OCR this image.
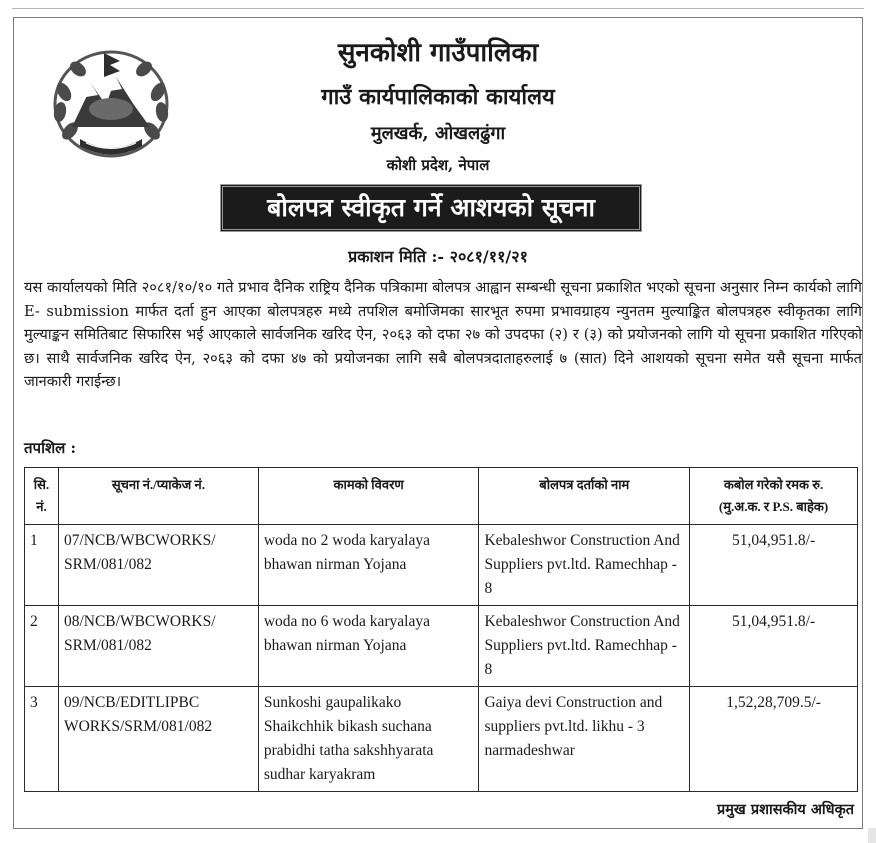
सुनकोशी गाउँपालिका
गाउँ कार्यपालिकाको कार्यालय
मुलखर्क, ओखलढुंगा
कोशी प्रदेश, नेपाल
बोलपत्र स्वीकृत गर्ने आशयको सूचना
प्रकाशन मिति :- २०८१/११/२१
यस कार्यालयको मिति २०८१/१०/१० गते प्रभाव दैनिक राष्ट्रिय दैनिक पत्रिकामा बोलपत्र आह्वान सम्बन्धी सूचना प्रकाशित भएको सूचना अनुसार निम्न कार्यको लागि E- submission मार्फत दर्ता हुन आएका बोलपत्रहरु मध्ये तपशिल बमोजिमका सारभूत रुपमा प्रभावग्राहय न्युनतम मुल्याङ्कित बोलपत्रहरु स्वीकृतका लागि मुल्याङ्कन समितिबाट सिफारिस भई आएकाले सार्वजनिक खरिद ऐन, २०६३ को दफा २७ को उपदफा (२) र (३) को प्रयोजनको लागि यो सूचना प्रकाशित गरिएको छ। साथै सार्वजनिक खरिद ऐन, २०६३ को दफा ४७ को प्रयोजनका लागि सबै बोलपत्रदाताहरुलाई ७ (सात) दिने आशयको सूचना समेत यसै सूचना मार्फत जानकारी गराईन्छ।
तपशिल :
सि. नं.	सूचना नं./प्याकेज नं.	कामको विवरण	बोलपत्र दर्ताको नाम	कबोल गरेको रमक रु.
(मु.अ.क. र P.S. बाहेक)

1	07/NCB/WBCWORKS/ SRM/081/082	woda no 2 woda karyalaya bhawan nirman Yojana	Kebaleshwor Construction And Suppliers pvt.ltd. Ramechhap - 8	51,04,951.8/-
2	08/NCB/WBCWORKS/ SRM/081/082	woda no 6 woda karyalaya bhawan nirman Yojana	Kebaleshwor Construction And Suppliers pvt.ltd. Ramechhap - 8	51,04,951.8/-
3	09/NCB/EDITLIPBC WORKS/SRM/081/082	Sunkoshi gaupalikako Shaikchhik bikash suchana prabidhi tatha sakshhyarata sudhar karyakram	Gaiya devi Construction and suppliers pvt.ltd. likhu - 3 narmadeshwar	1,52,28,709.5/-
प्रमुख प्रशासकीय अधिकृत
